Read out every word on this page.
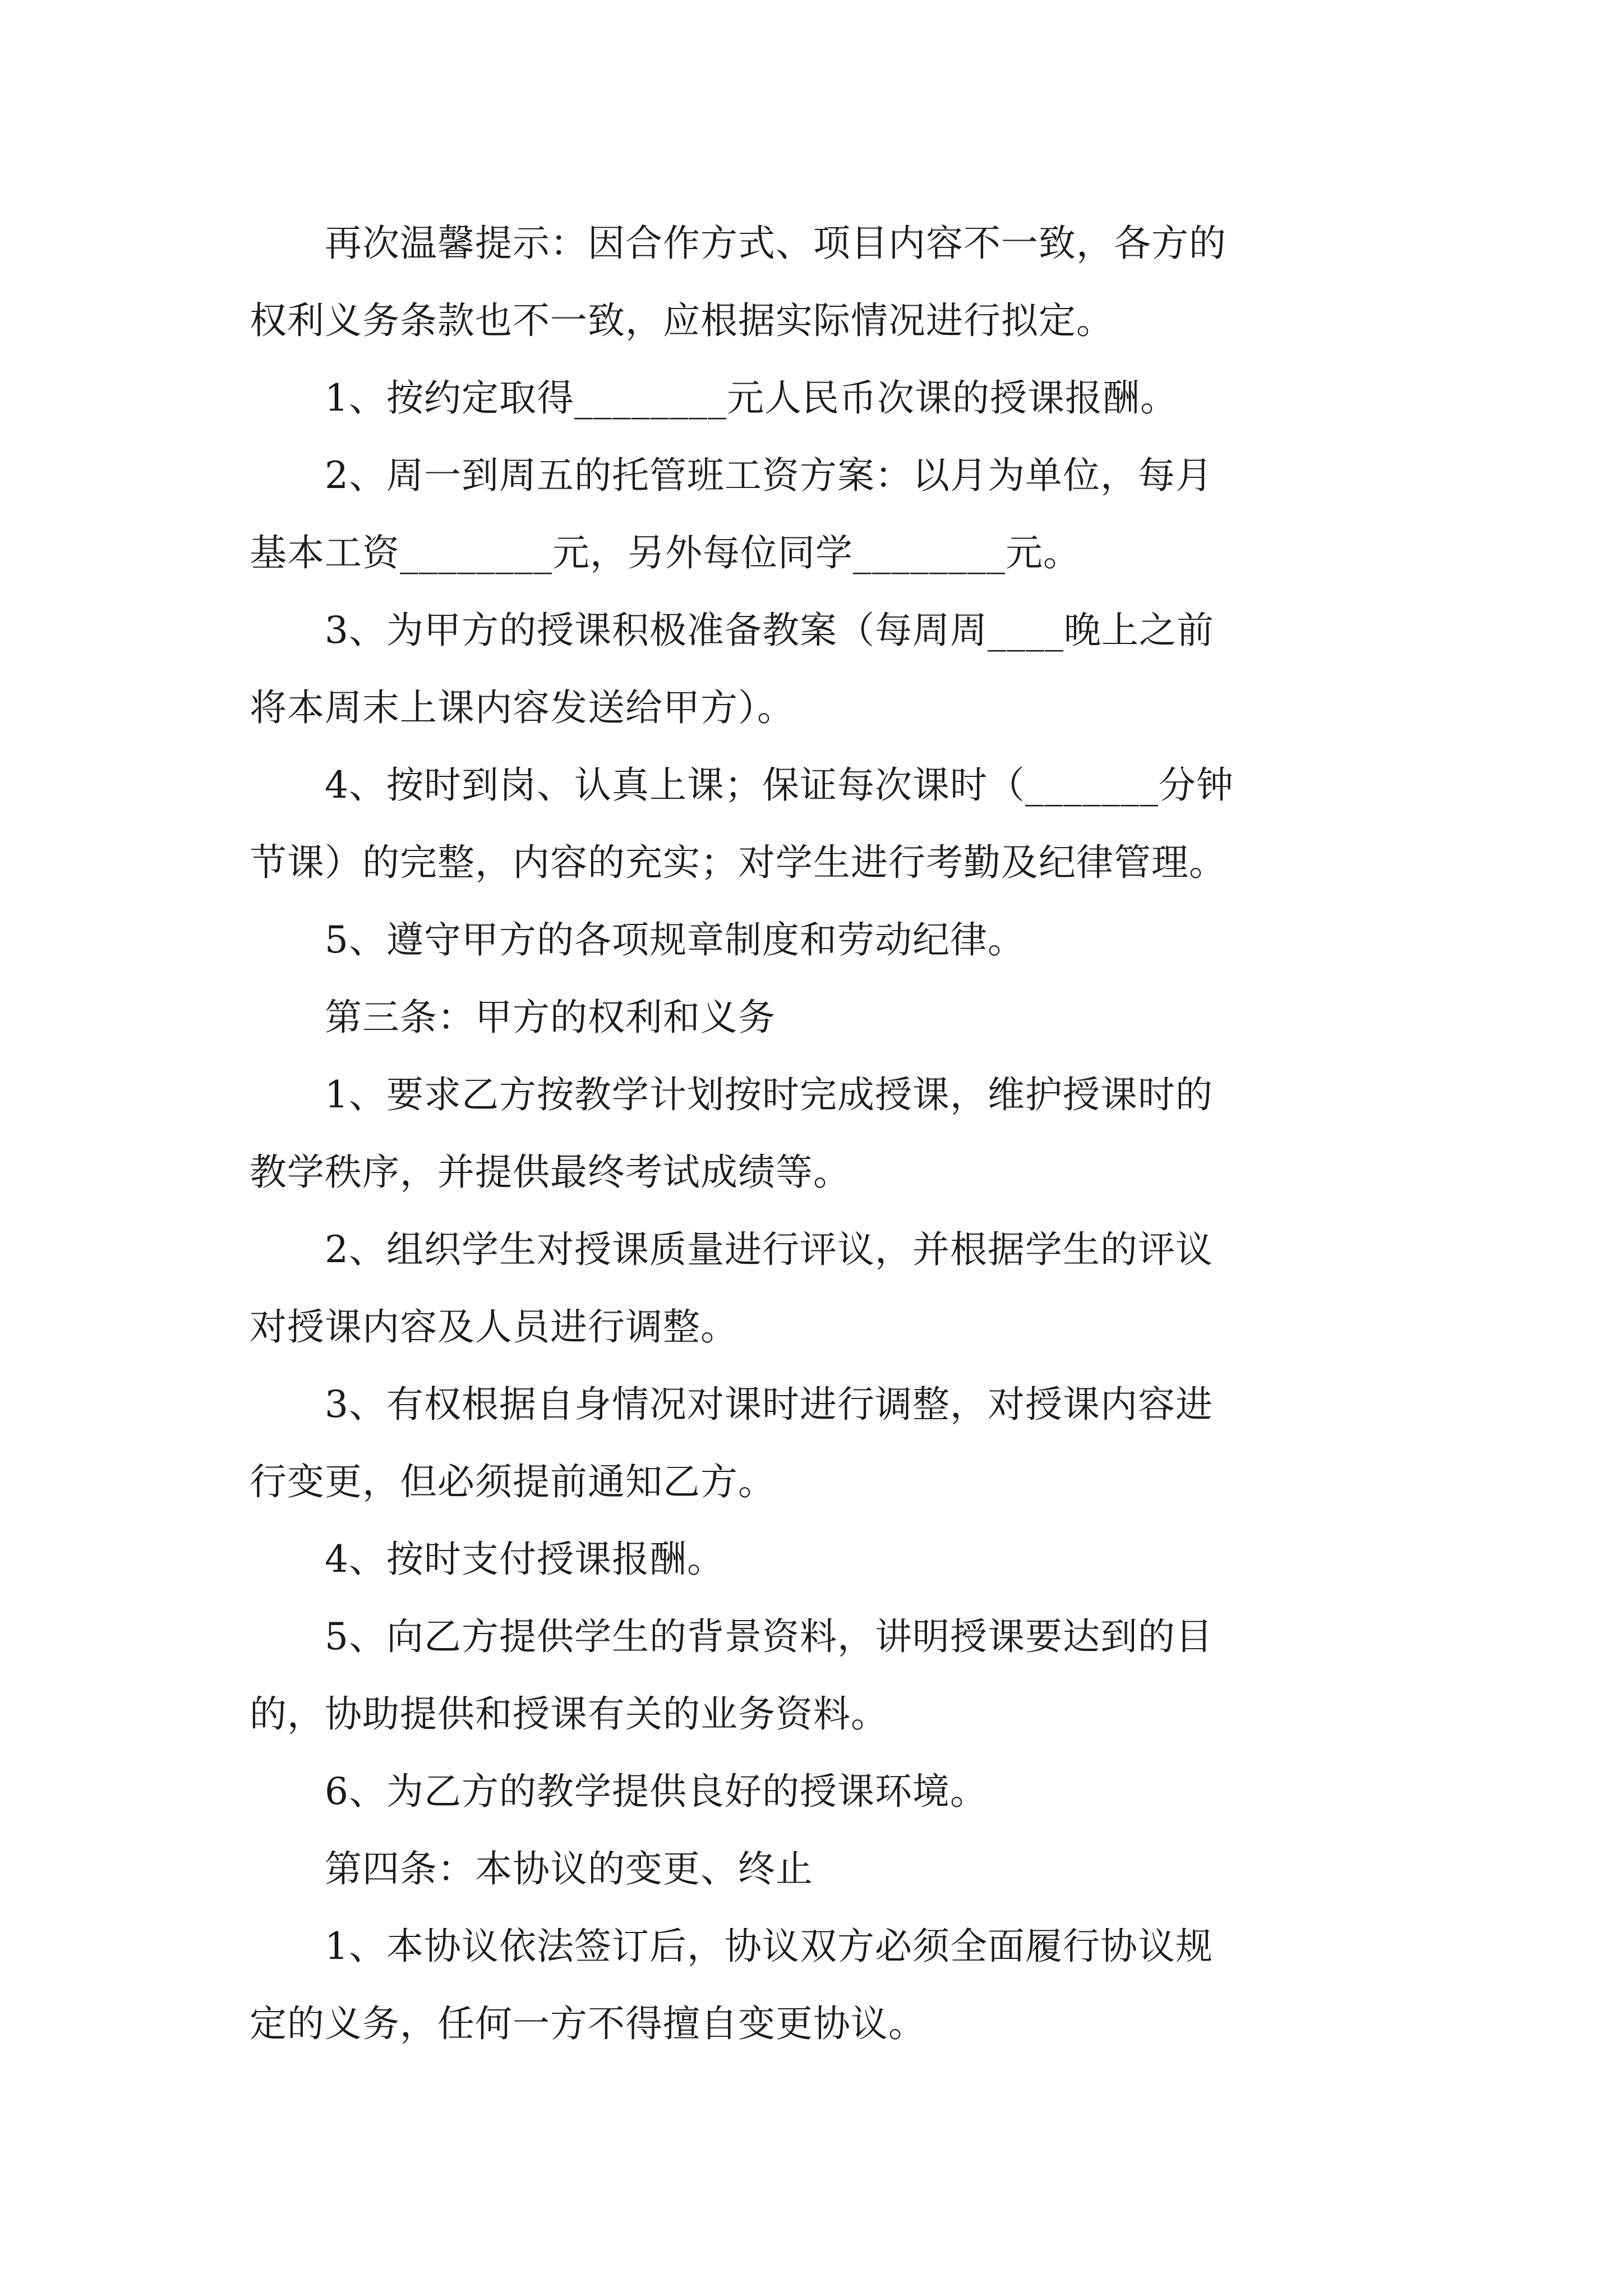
　　再次温馨提示：因合作方式、项目内容不一致，各方的

权利义务条款也不一致，应根据实际情况进行拟定。

　　1、按约定取得________元人民币次课的授课报酬。

　　2、周一到周五的托管班工资方案：以月为单位，每月

基本工资________元，另外每位同学________元。

　　3、为甲方的授课积极准备教案（每周周____晚上之前

将本周末上课内容发送给甲方）。

　　4、按时到岗、认真上课；保证每次课时（_______分钟

节课）的完整，内容的充实；对学生进行考勤及纪律管理。

　　5、遵守甲方的各项规章制度和劳动纪律。

　　第三条：甲方的权利和义务

　　1、要求乙方按教学计划按时完成授课，维护授课时的

教学秩序，并提供最终考试成绩等。

　　2、组织学生对授课质量进行评议，并根据学生的评议

对授课内容及人员进行调整。

　　3、有权根据自身情况对课时进行调整，对授课内容进

行变更，但必须提前通知乙方。

　　4、按时支付授课报酬。

　　5、向乙方提供学生的背景资料，讲明授课要达到的目

的，协助提供和授课有关的业务资料。

　　6、为乙方的教学提供良好的授课环境。

　　第四条：本协议的变更、终止

　　1、本协议依法签订后，协议双方必须全面履行协议规

定的义务，任何一方不得擅自变更协议。
